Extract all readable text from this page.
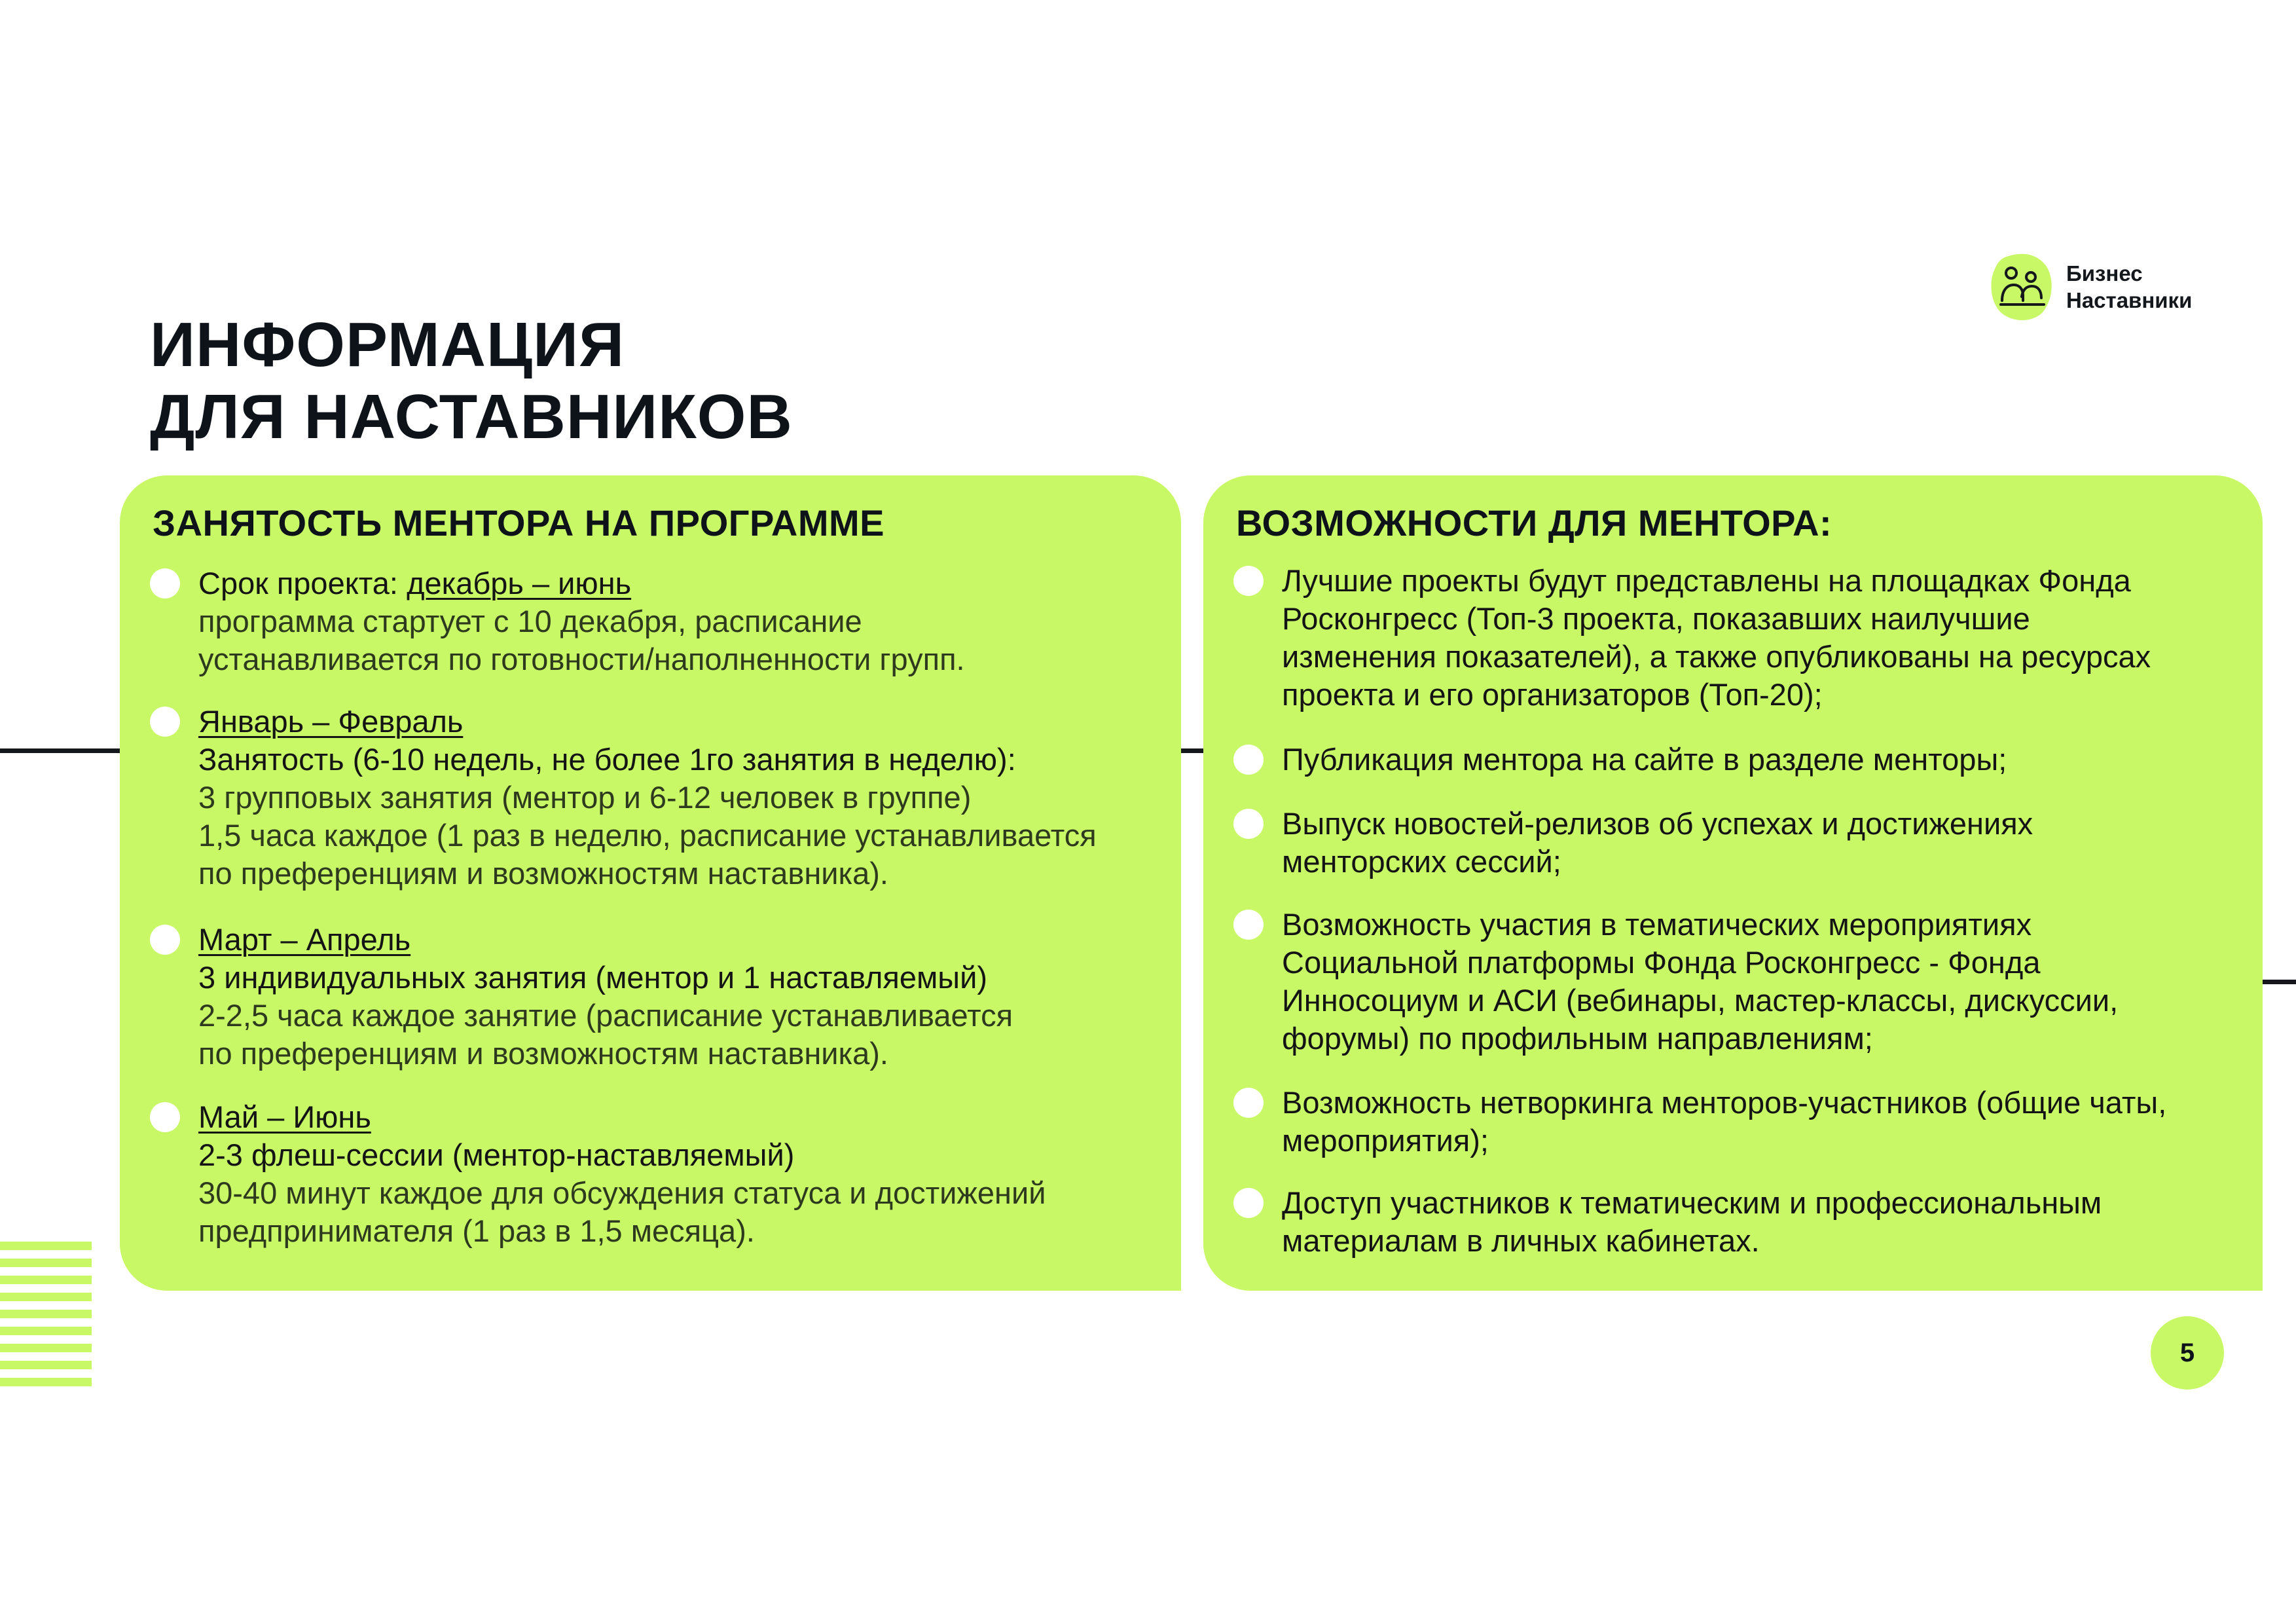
Бизнес
Наставники
ИНФОРМАЦИЯ
ДЛЯ НАСТАВНИКОВ
ЗАНЯТОСТЬ МЕНТОРА НА ПРОГРАММЕ
Срок проекта: декабрь – июнь
программа стартует с 10 декабря, расписание
устанавливается по готовности/наполненности групп.
Январь – Февраль
Занятость (6-10 недель, не более 1го занятия в неделю):
3 групповых занятия (ментор и 6-12 человек в группе)
1,5 часа каждое (1 раз в неделю, расписание устанавливается
по преференциям и возможностям наставника).
Март – Апрель
3 индивидуальных занятия (ментор и 1 наставляемый)
2-2,5 часа каждое занятие (расписание устанавливается
по преференциям и возможностям наставника).
Май – Июнь
2-3 флеш-сессии (ментор-наставляемый)
30-40 минут каждое для обсуждения статуса и достижений
предпринимателя (1 раз в 1,5 месяца).
ВОЗМОЖНОСТИ ДЛЯ МЕНТОРА:
Лучшие проекты будут представлены на площадках Фонда
Росконгресс (Топ-3 проекта, показавших наилучшие
изменения показателей), а также опубликованы на ресурсах
проекта и его организаторов (Топ-20);
Публикация ментора на сайте в разделе менторы;
Выпуск новостей-релизов об успехах и достижениях
менторских сессий;
Возможность участия в тематических мероприятиях
Социальной платформы Фонда Росконгресс - Фонда
Инносоциум и АСИ (вебинары, мастер-классы, дискуссии,
форумы) по профильным направлениям;
Возможность нетворкинга менторов-участников (общие чаты,
мероприятия);
Доступ участников к тематическим и профессиональным
материалам в личных кабинетах.
5
